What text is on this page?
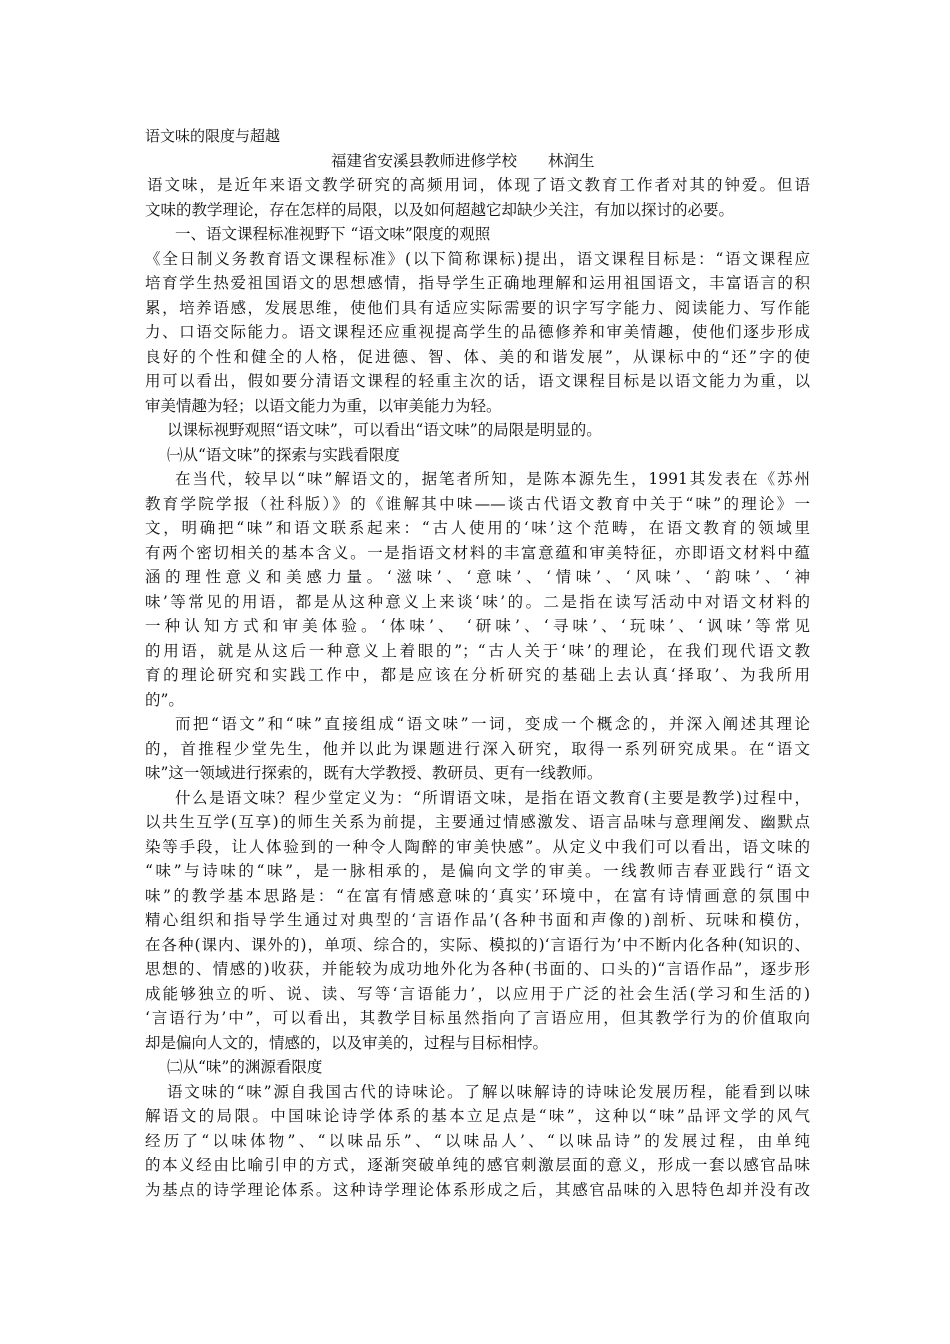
语文味的限度与超越

福建省安溪县教师进修学校　　林润生

语文味，是近年来语文教学研究的高频用词，体现了语文教育工作者对其的钟爱。但语

文味的教学理论，存在怎样的局限，以及如何超越它却缺少关注，有加以探讨的必要。

一、语文课程标准视野下 “语文味”限度的观照

《全日制义务教育语文课程标准》(以下简称课标)提出，语文课程目标是：“语文课程应

培育学生热爱祖国语文的思想感情，指导学生正确地理解和运用祖国语文，丰富语言的积

累，培养语感，发展思维，使他们具有适应实际需要的识字写字能力、阅读能力、写作能

力、口语交际能力。语文课程还应重视提高学生的品德修养和审美情趣，使他们逐步形成

良好的个性和健全的人格，促进德、智、体、美的和谐发展”，从课标中的“还”字的使

用可以看出，假如要分清语文课程的轻重主次的话，语文课程目标是以语文能力为重，以

审美情趣为轻；以语文能力为重，以审美能力为轻。

以课标视野观照“语文味”，可以看出“语文味”的局限是明显的。

㈠从“语文味”的探索与实践看限度

在当代，较早以“味”解语文的，据笔者所知，是陈本源先生，1991其发表在《苏州

教育学院学报（社科版）》的《谁解其中味——谈古代语文教育中关于“味”的理论》一

文，明确把“味”和语文联系起来：“古人使用的‘味’这个范畴，在语文教育的领域里

有两个密切相关的基本含义。一是指语文材料的丰富意蕴和审美特征，亦即语文材料中蕴

涵的理性意义和美感力量。‘滋味’、‘意味’、‘情味’、‘风味’、‘韵味’、‘神

味’等常见的用语，都是从这种意义上来谈‘味’的。二是指在读写活动中对语文材料的

一种认知方式和审美体验。‘体味’、 ‘研味’、‘寻味’、‘玩味’、‘讽味’等常见

的用语，就是从这后一种意义上着眼的”；“古人关于‘味’的理论，在我们现代语文教

育的理论研究和实践工作中，都是应该在分析研究的基础上去认真‘择取’、为我所用

的”。

而把“语文”和“味”直接组成“语文味”一词，变成一个概念的，并深入阐述其理论

的，首推程少堂先生，他并以此为课题进行深入研究，取得一系列研究成果。在“语文

味”这一领域进行探索的，既有大学教授、教研员、更有一线教师。

什么是语文味？程少堂定义为：“所谓语文味，是指在语文教育(主要是教学)过程中，

以共生互学(互享)的师生关系为前提，主要通过情感激发、语言品味与意理阐发、幽默点

染等手段，让人体验到的一种令人陶醉的审美快感”。从定义中我们可以看出，语文味的

“味”与诗味的“味”，是一脉相承的，是偏向文学的审美。一线教师吉春亚践行“语文

味”的教学基本思路是：“在富有情感意味的‘真实’环境中，在富有诗情画意的氛围中

精心组织和指导学生通过对典型的‘言语作品’(各种书面和声像的)剖析、玩味和模仿，

在各种(课内、课外的)，单项、综合的，实际、模拟的)‘言语行为’中不断内化各种(知识的、

思想的、情感的)收获，并能较为成功地外化为各种(书面的、口头的)“言语作品”，逐步形

成能够独立的听、说、读、写等‘言语能力’，以应用于广泛的社会生活(学习和生活的)

‘言语行为’中”，可以看出，其教学目标虽然指向了言语应用，但其教学行为的价值取向

却是偏向人文的，情感的，以及审美的，过程与目标相悖。

㈡从“味”的渊源看限度

语文味的“味”源自我国古代的诗味论。了解以味解诗的诗味论发展历程，能看到以味

解语文的局限。中国味论诗学体系的基本立足点是“味”，这种以“味”品评文学的风气

经历了“以味体物”、“以味品乐”、“以味品人’、“以味品诗”的发展过程，由单纯

的本义经由比喻引申的方式，逐渐突破单纯的感官刺激层面的意义，形成一套以感官品味

为基点的诗学理论体系。这种诗学理论体系形成之后，其感官品味的入思特色却并没有改
